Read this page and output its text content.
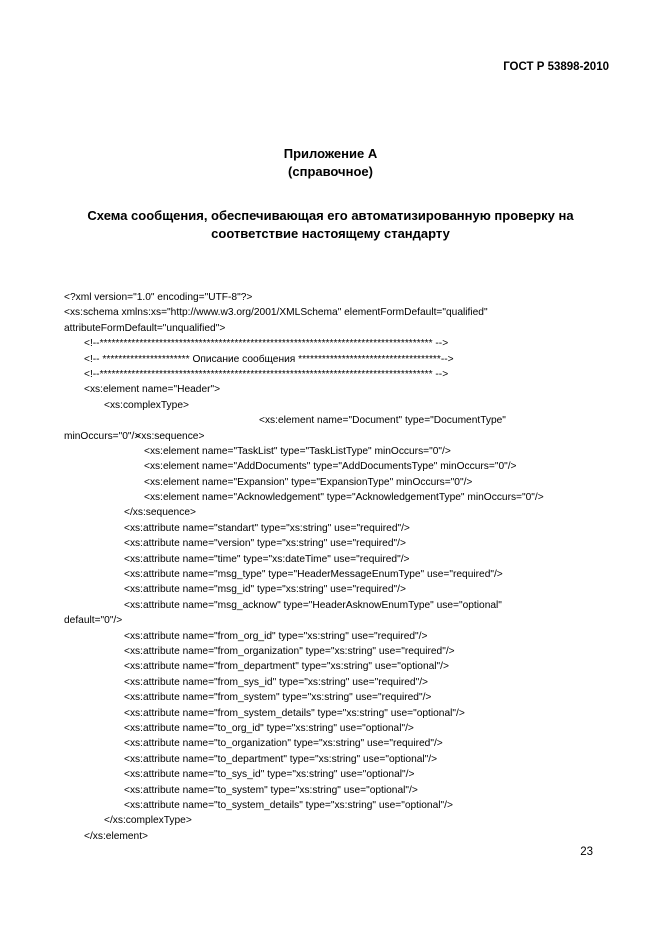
ГОСТ Р 53898-2010
Приложение А
(справочное)
Схема сообщения, обеспечивающая его автоматизированную проверку на
соответствие настоящему стандарту
<?xml version="1.0" encoding="UTF-8"?>
<xs:schema xmlns:xs="http://www.w3.org/2001/XMLSchema" elementFormDefault="qualified"
attributeFormDefault="unqualified">
<!--************************************************************************************ -->
<!-- ********************** Описание сообщения ************************************-->
<!--************************************************************************************ -->
<xs:element name="Header">
<xs:complexType>

<xs:sequence>

<xs:element name="Document" type="DocumentType"

minOccurs="0"/>
<xs:element name="TaskList" type="TaskListType" minOccurs="0"/>
<xs:element name="AddDocuments" type="AddDocumentsType" minOccurs="0"/>
<xs:element name="Expansion" type="ExpansionType" minOccurs="0"/>
<xs:element name="Acknowledgement" type="AcknowledgementType" minOccurs="0"/>
</xs:sequence>
<xs:attribute name="standart" type="xs:string" use="required"/>
<xs:attribute name="version" type="xs:string" use="required"/>
<xs:attribute name="time" type="xs:dateTime" use="required"/>
<xs:attribute name="msg_type" type="HeaderMessageEnumType" use="required"/>
<xs:attribute name="msg_id" type="xs:string" use="required"/>
<xs:attribute name="msg_acknow" type="HeaderAsknowEnumType" use="optional"
default="0"/>
<xs:attribute name="from_org_id" type="xs:string" use="required"/>
<xs:attribute name="from_organization" type="xs:string" use="required"/>
<xs:attribute name="from_department" type="xs:string" use="optional"/>
<xs:attribute name="from_sys_id" type="xs:string" use="required"/>
<xs:attribute name="from_system" type="xs:string" use="required"/>
<xs:attribute name="from_system_details" type="xs:string" use="optional"/>
<xs:attribute name="to_org_id" type="xs:string" use="optional"/>
<xs:attribute name="to_organization" type="xs:string" use="required"/>
<xs:attribute name="to_department" type="xs:string" use="optional"/>
<xs:attribute name="to_sys_id" type="xs:string" use="optional"/>
<xs:attribute name="to_system" type="xs:string" use="optional"/>
<xs:attribute name="to_system_details" type="xs:string" use="optional"/>
</xs:complexType>
</xs:element>
23
